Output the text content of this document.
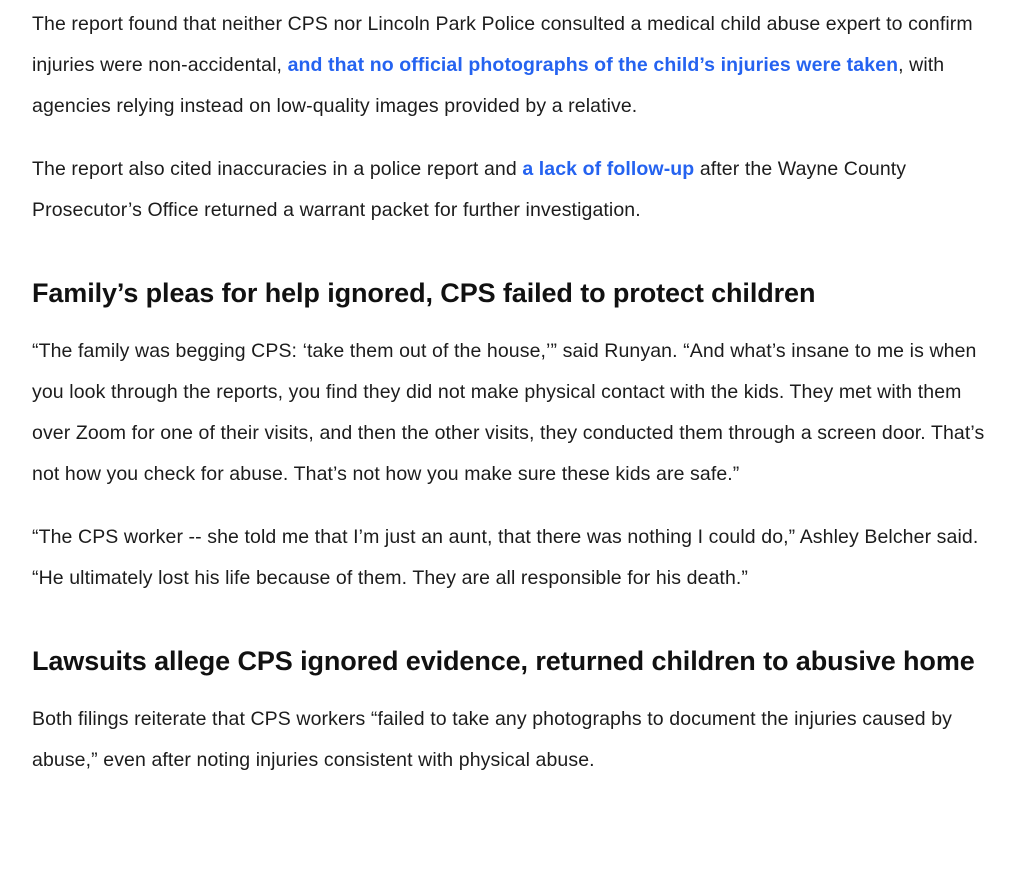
The report found that neither CPS nor Lincoln Park Police consulted a medical child abuse expert to confirm injuries were non-accidental, and that no official photographs of the child’s injuries were taken, with agencies relying instead on low-quality images provided by a relative.

The report also cited inaccuracies in a police report and a lack of follow-up after the Wayne County Prosecutor’s Office returned a warrant packet for further investigation.

Family’s pleas for help ignored, CPS failed to protect children

“The family was begging CPS: ‘take them out of the house,’” said Runyan. “And what’s insane to me is when you look through the reports, you find they did not make physical contact with the kids. They met with them over Zoom for one of their visits, and then the other visits, they conducted them through a screen door. That’s not how you check for abuse. That’s not how you make sure these kids are safe.”

“The CPS worker -- she told me that I’m just an aunt, that there was nothing I could do,” Ashley Belcher said. “He ultimately lost his life because of them. They are all responsible for his death.”

Lawsuits allege CPS ignored evidence, returned children to abusive home

Both filings reiterate that CPS workers “failed to take any photographs to document the injuries caused by abuse,” even after noting injuries consistent with physical abuse.
